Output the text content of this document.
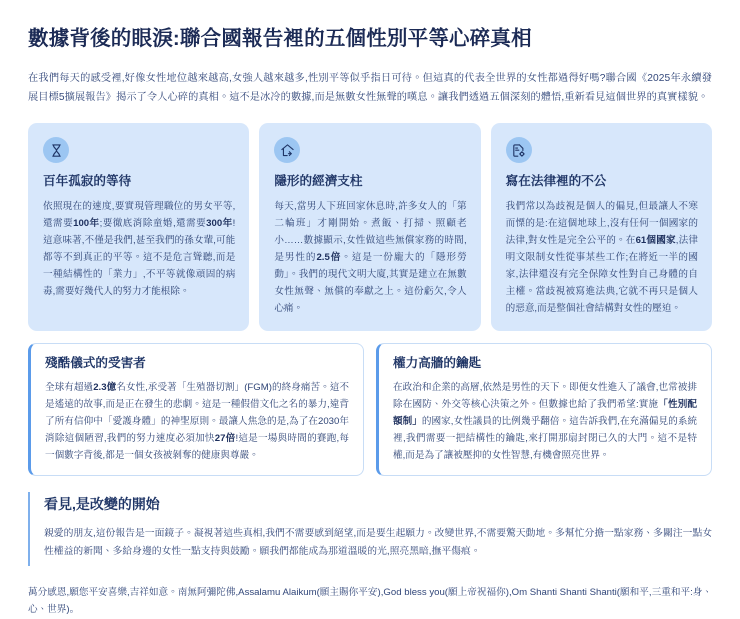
數據背後的眼淚:聯合國報告裡的五個性別平等心碎真相

在我們每天的感受裡,好像女性地位越來越高,女強人越來越多,性別平等似乎指日可待。但這真的代表全世界的女性都過得好嗎?聯合國《2025年永續發展目標5擴展報告》揭示了令人心碎的真相。這不是冰冷的數據,而是無數女性無聲的嘆息。讓我們透過五個深刻的體悟,重新看見這個世界的真實樣貌。

百年孤寂的等待

依照現在的速度,要實現管理職位的男女平等,還需要100年;要徹底消除童婚,還需要300年!這意味著,不僅是我們,甚至我們的孫女輩,可能都等不到真正的平等。這不是危言聳聽,而是一種結構性的「業力」,不平等就像頑固的病毒,需要好幾代人的努力才能根除。

隱形的經濟支柱

每天,當男人下班回家休息時,許多女人的「第二輪班」才剛開始。煮飯、打掃、照顧老小……數據顯示,女性做這些無償家務的時間,是男性的2.5倍。這是一份龐大的「隱形勞動」。我們的現代文明大廈,其實是建立在無數女性無聲、無償的奉獻之上。這份虧欠,令人心痛。

寫在法律裡的不公

我們常以為歧視是個人的偏見,但最讓人不寒而慄的是:在這個地球上,沒有任何一個國家的法律,對女性是完全公平的。在61個國家,法律明文限制女性從事某些工作;在將近一半的國家,法律還沒有完全保障女性對自己身體的自主權。當歧視被寫進法典,它就不再只是個人的惡意,而是整個社會結構對女性的壓迫。

殘酷儀式的受害者

全球有超過2.3億名女性,承受著「生殖器切割」(FGM)的終身痛苦。這不是遙遠的故事,而是正在發生的悲劇。這是一種假借文化之名的暴力,違背了所有信仰中「愛護身體」的神聖原則。最讓人焦急的是,為了在2030年消除這個陋習,我們的努力速度必須加快27倍!這是一場與時間的賽跑,每一個數字背後,都是一個女孩被剝奪的健康與尊嚴。

權力高牆的鑰匙

在政治和企業的高層,依然是男性的天下。即便女性進入了議會,也常被排除在國防、外交等核心決策之外。但數據也給了我們希望:實施「性別配額制」的國家,女性議員的比例幾乎翻倍。這告訴我們,在充滿偏見的系統裡,我們需要一把結構性的鑰匙,來打開那扇封閉已久的大門。這不是特權,而是為了讓被壓抑的女性智慧,有機會照亮世界。

看見,是改變的開始

親愛的朋友,這份報告是一面鏡子。凝視著這些真相,我們不需要感到絕望,而是要生起願力。改變世界,不需要驚天動地。多幫忙分擔一點家務、多關注一點女性權益的新聞、多給身邊的女性一點支持與鼓勵。願我們都能成為那道溫暖的光,照亮黑暗,撫平傷痕。

萬分感恩,願您平安喜樂,吉祥如意。南無阿彌陀佛,Assalamu Alaikum(願主賜你平安),God bless you(願上帝祝福你),Om Shanti Shanti Shanti(願和平,三重和平:身、心、世界)。
